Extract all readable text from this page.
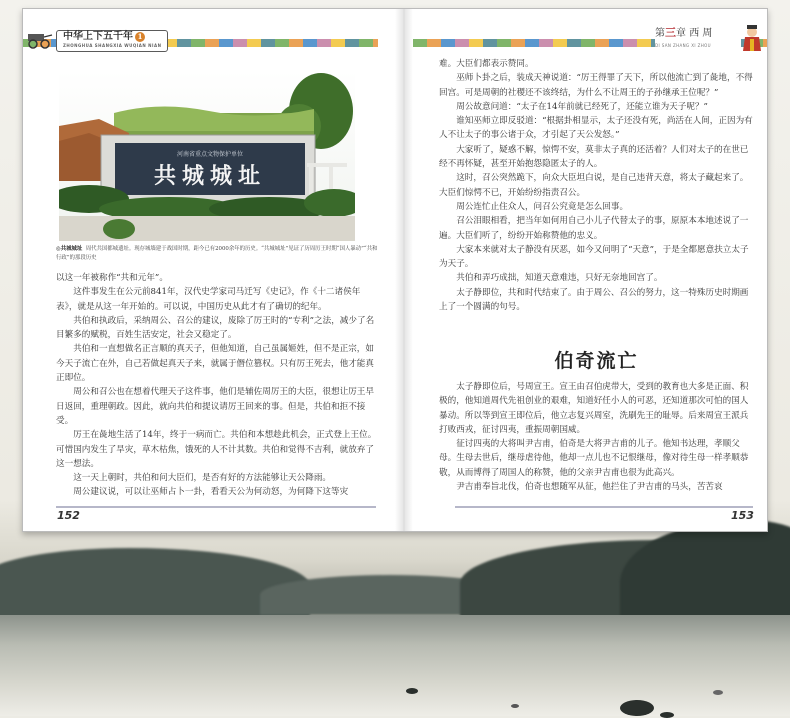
中华上下五千年 1
ZHONGHUA SHANGXIA WUQIAN NIAN
第三章 西 周
DI SAN ZHANG XI ZHOU
河南省重点文物保护单位
共城城址
◎共城城址 周代共国都城遗址。现存城墙建于战国时期，距今已有2000余年的历史。“共城城址”见证了历周厉王时期“国人暴动”“共和行政”的那段历史

以这一年被称作“共和元年”。

这件事发生在公元前841年，汉代史学家司马迁写《史记》，作《十二诸侯年表》，就是从这一年开始的。可以说，中国历史从此才有了确切的纪年。

共伯和执政后，采纳周公、召公的建议，废除了厉王时的“专利”之法，减少了名目繁多的赋税，百姓生活安定，社会又稳定了。

共伯和一直想做名正言顺的真天子，但他知道，自己虽属姬姓，但不是正宗，如今天子流亡在外，自己若做起真天子来，就属于僭位篡权。只有厉王死去，他才能真正即位。

周公和召公也在想着代理天子这件事，他们是辅佐周厉王的大臣，很想让厉王早日返回，重理朝政。因此，就向共伯和提议请厉王回来的事。但是，共伯和拒不接受。

厉王在彘地生活了14年，终于一病而亡。共伯和本想趁此机会，正式登上王位。可惜国内发生了旱灾，草木枯焦，饿死的人不计其数。共伯和觉得不吉利，就放弃了这一想法。

这一天上朝时，共伯和问大臣们，是否有好的方法能够让天公降雨。

周公建议说，可以让巫师占卜一卦，看看天公为何动怒，为何降下这等灾

难。大臣们都表示赞同。

巫师卜卦之后，装成天神说道：“厉王得罪了天下，所以他流亡到了彘地，不得回宫。可是周朝的社稷还不该终结，为什么不让周王的子孙继承王位呢？”

周公故意问道：“太子在14年前就已经死了，还能立谁为天子呢？”

谁知巫师立即反驳道：“根据卦相显示，太子还没有死，尚活在人间，正因为有人不让太子的事公诸于众，才引起了天公发怒。”

大家听了，疑惑不解，惊愕不安，莫非太子真的还活着？人们对太子的在世已经不再怀疑，甚至开始抱怨隐匿太子的人。

这时，召公突然跪下，向众大臣坦白说，是自己违背天意，将太子藏起来了。大臣们惊愕不已，开始纷纷指责召公。

周公连忙止住众人，问召公究竟是怎么回事。

召公泪眼相看，把当年如何用自己小儿子代替太子的事，原原本本地述说了一遍。大臣们听了，纷纷开始称赞他的忠义。

大家本来就对太子静没有厌恶，如今又问明了“天意”，于是全都愿意扶立太子为天子。

共伯和弄巧成拙，知道天意难违，只好无奈地回宫了。

太子静即位，共和时代结束了。由于周公、召公的努力，这一特殊历史时期画上了一个圆满的句号。

伯奇流亡

太子静即位后，号周宣王。宣王由召伯虎带大，受到的教育也大多是正面、积极的，他知道周代先祖创业的艰难，知道好任小人的可恶，还知道那次可怕的国人暴动。所以等到宣王即位后，他立志复兴周室，洗刷先王的耻辱。后来周宣王派兵打败西戎，征讨四夷，重振周朝国威。

征讨四夷的大将叫尹吉甫，伯奇是大将尹吉甫的儿子。他知书达理，孝顺父母。生母去世后，继母虐待他，他却一点儿也不记恨继母，像对待生母一样孝顺恭敬，从而博得了周国人的称赞，他的父亲尹吉甫也很为此高兴。

尹吉甫奉旨北伐，伯奇也想随军从征，他拦住了尹吉甫的马头，苦苦哀

152	153
